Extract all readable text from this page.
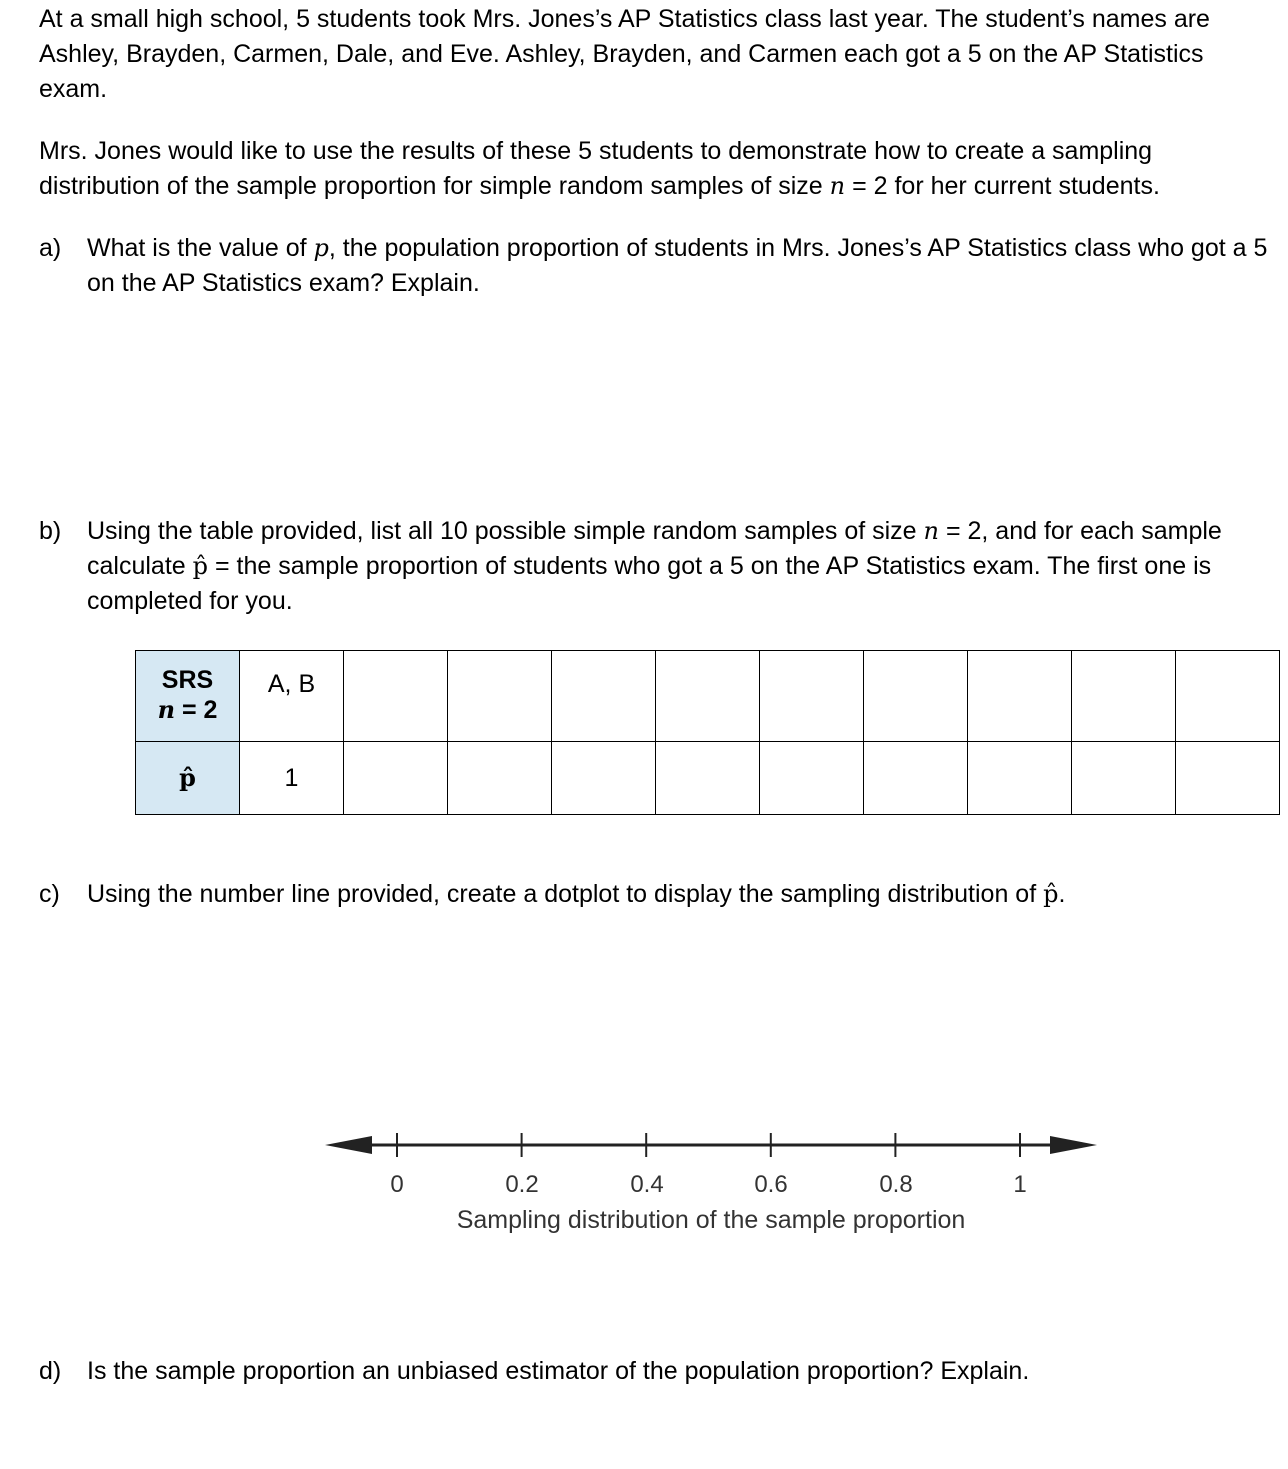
At a small high school, 5 students took Mrs. Jones’s AP Statistics class last year. The student’s names are Ashley, Brayden, Carmen, Dale, and Eve. Ashley, Brayden, and Carmen each got a 5 on the AP Statistics exam.

Mrs. Jones would like to use the results of these 5 students to demonstrate how to create a sampling distribution of the sample proportion for simple random samples of size n = 2 for her current students.

a) What is the value of p, the population proportion of students in Mrs. Jones’s AP Statistics class who got a 5 on the AP Statistics exam? Explain.
b) Using the table provided, list all 10 possible simple random samples of size n = 2, and for each sample calculate p̂ = the sample proportion of students who got a 5 on the AP Statistics exam. The first one is completed for you.
SRS
n = 2	A, B									
p̂	1									
c) Using the number line provided, create a dotplot to display the sampling distribution of p̂.
0	0.2	0.4	0.6	0.8	1
Sampling distribution of the sample proportion
d) Is the sample proportion an unbiased estimator of the population proportion? Explain.
